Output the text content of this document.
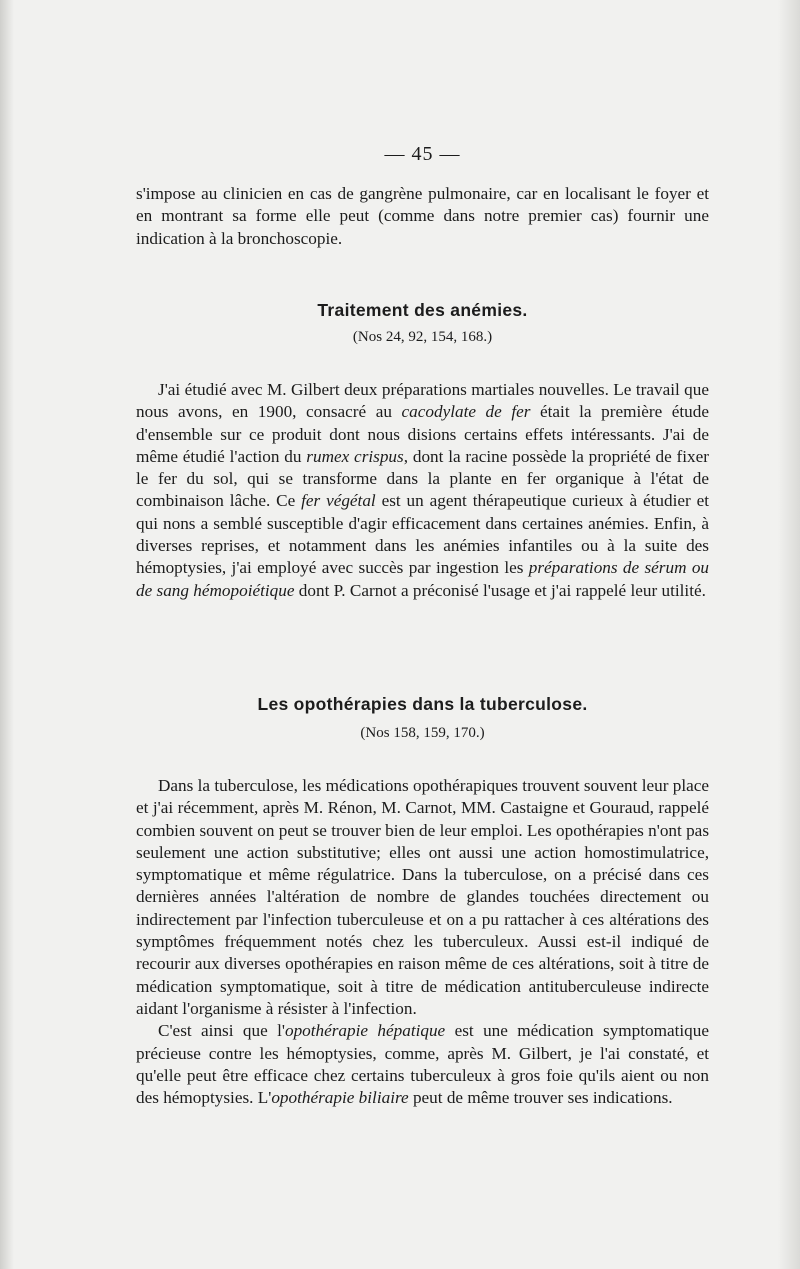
— 45 —

s'impose au clinicien en cas de gangrène pulmonaire, car en localisant le foyer et en montrant sa forme elle peut (comme dans notre premier cas) fournir une indication à la bronchoscopie.

Traitement des anémies.
(Nos 24, 92, 154, 168.)

J'ai étudié avec M. Gilbert deux préparations martiales nouvelles. Le travail que nous avons, en 1900, consacré au cacodylate de fer était la première étude d'ensemble sur ce produit dont nous disions certains effets intéressants. J'ai de même étudié l'action du rumex crispus, dont la racine possède la propriété de fixer le fer du sol, qui se transforme dans la plante en fer organique à l'état de combinaison lâche. Ce fer végétal est un agent thérapeutique curieux à étudier et qui nons a semblé susceptible d'agir efficacement dans certaines anémies. Enfin, à diverses reprises, et notamment dans les anémies infantiles ou à la suite des hémoptysies, j'ai employé avec succès par ingestion les préparations de sérum ou de sang hémopoiétique dont P. Carnot a préconisé l'usage et j'ai rappelé leur utilité.

Les opothérapies dans la tuberculose.
(Nos 158, 159, 170.)

Dans la tuberculose, les médications opothérapiques trouvent souvent leur place et j'ai récemment, après M. Rénon, M. Carnot, MM. Castaigne et Gouraud, rappelé combien souvent on peut se trouver bien de leur emploi. Les opothérapies n'ont pas seulement une action substitutive; elles ont aussi une action homostimulatrice, symptomatique et même régulatrice. Dans la tuberculose, on a précisé dans ces dernières années l'altération de nombre de glandes touchées directement ou indirectement par l'infection tuberculeuse et on a pu rattacher à ces altérations des symptômes fréquemment notés chez les tuberculeux. Aussi est-il indiqué de recourir aux diverses opothérapies en raison même de ces altérations, soit à titre de médication symptomatique, soit à titre de médication antituberculeuse indirecte aidant l'organisme à résister à l'infection.

C'est ainsi que l'opothérapie hépatique est une médication symptomatique précieuse contre les hémoptysies, comme, après M. Gilbert, je l'ai constaté, et qu'elle peut être efficace chez certains tuberculeux à gros foie qu'ils aient ou non des hémoptysies. L'opothérapie biliaire peut de même trouver ses indications.
